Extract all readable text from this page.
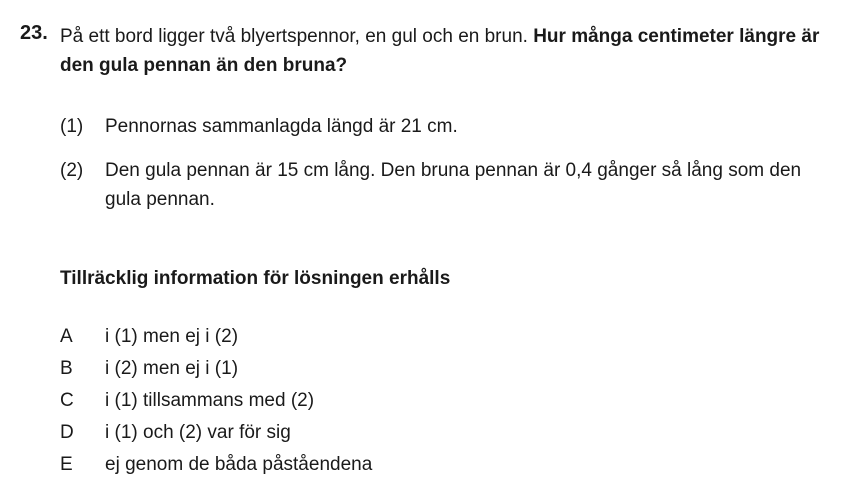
23. På ett bord ligger två blyertspennor, en gul och en brun. Hur många centimeter längre är den gula pennan än den bruna?
(1) Pennornas sammanlagda längd är 21 cm.
(2) Den gula pennan är 15 cm lång. Den bruna pennan är 0,4 gånger så lång som den gula pennan.
Tillräcklig information för lösningen erhålls
A i (1) men ej i (2)
B i (2) men ej i (1)
C i (1) tillsammans med (2)
D i (1) och (2) var för sig
E ej genom de båda påståendena
